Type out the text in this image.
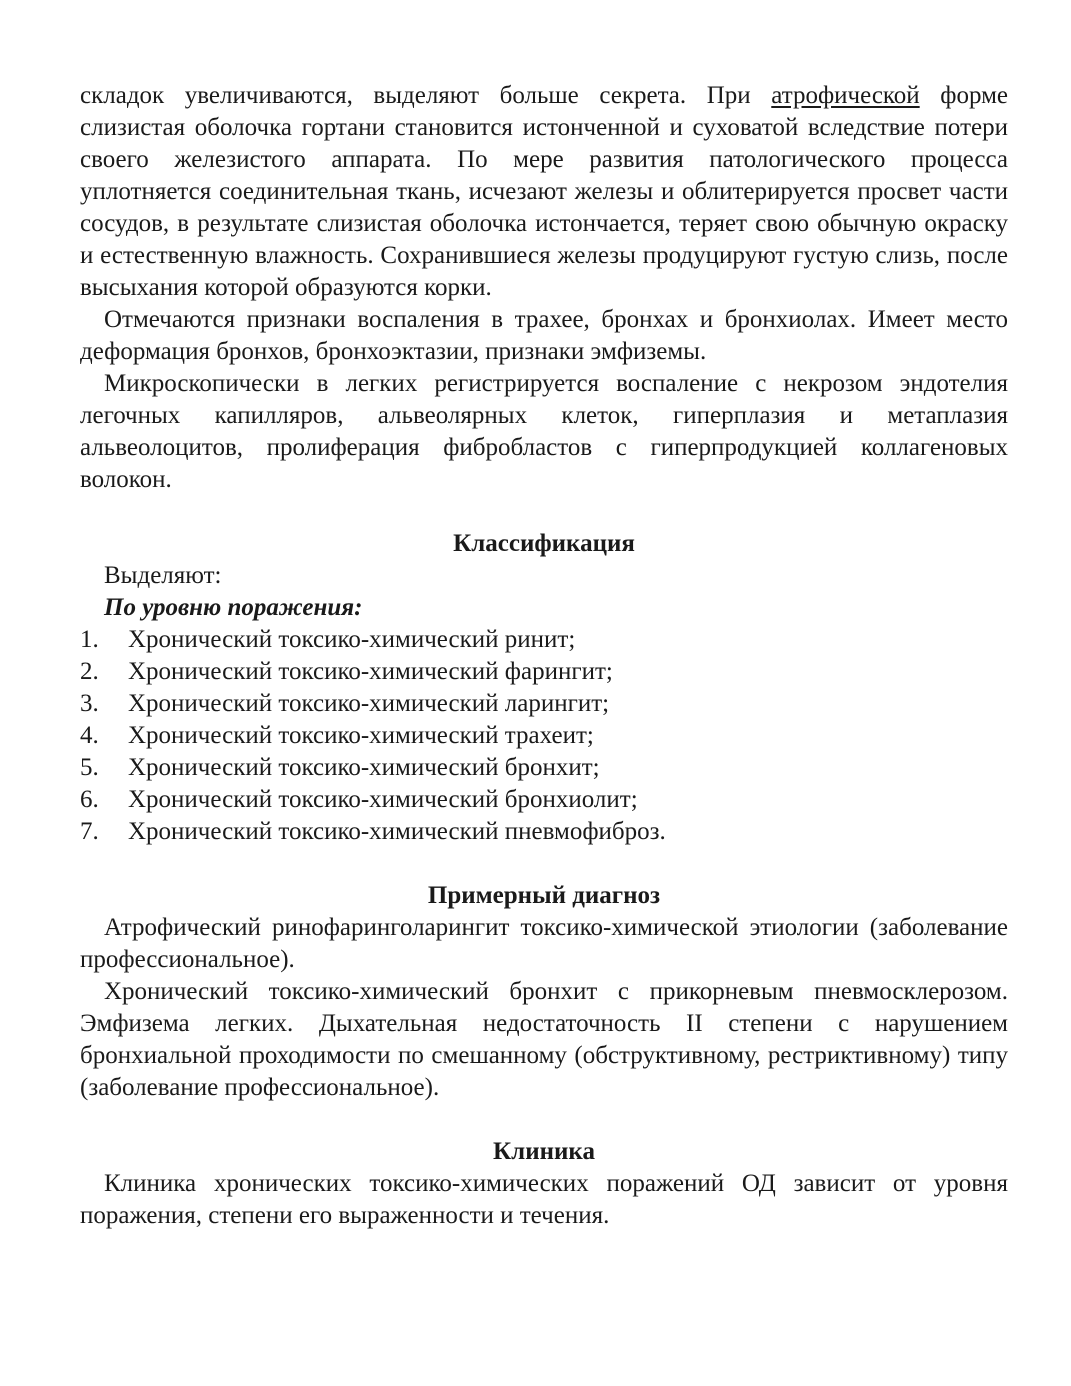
складок увеличиваются, выделяют больше секрета. При атрофической форме слизистая оболочка гортани становится истонченной и суховатой вследствие потери своего железистого аппарата. По мере развития патологического процесса уплотняется соединительная ткань, исчезают железы и облитерируется просвет части сосудов, в результате слизистая оболочка истончается, теряет свою обычную окраску и естественную влажность. Сохранившиеся железы продуцируют густую слизь, после высыхания которой образуются корки.

Отмечаются признаки воспаления в трахее, бронхах и бронхиолах. Имеет место деформация бронхов, бронхоэктазии, признаки эмфиземы.

Микроскопически в легких регистрируется воспаление с некрозом эндотелия легочных капилляров, альвеолярных клеток, гиперплазия и метаплазия альвеолоцитов, пролиферация фибробластов с гиперпродукцией коллагеновых волокон.

Классификация

Выделяют:

По уровню поражения:

1.	Хронический токсико-химический ринит;
2.	Хронический токсико-химический фарингит;
3.	Хронический токсико-химический ларингит;
4.	Хронический токсико-химический трахеит;
5.	Хронический токсико-химический бронхит;
6.	Хронический токсико-химический бронхиолит;
7.	Хронический токсико-химический пневмофиброз.

Примерный диагноз

Атрофический ринофаринголарингит токсико-химической этиологии (заболевание профессиональное).

Хронический токсико-химический бронхит с прикорневым пневмосклерозом. Эмфизема легких. Дыхательная недостаточность II степени с нарушением бронхиальной проходимости по смешанному (обструктивному, рестриктивному) типу (заболевание профессиональное).

Клиника

Клиника хронических токсико-химических поражений ОД зависит от уровня поражения, степени его выраженности и течения.
